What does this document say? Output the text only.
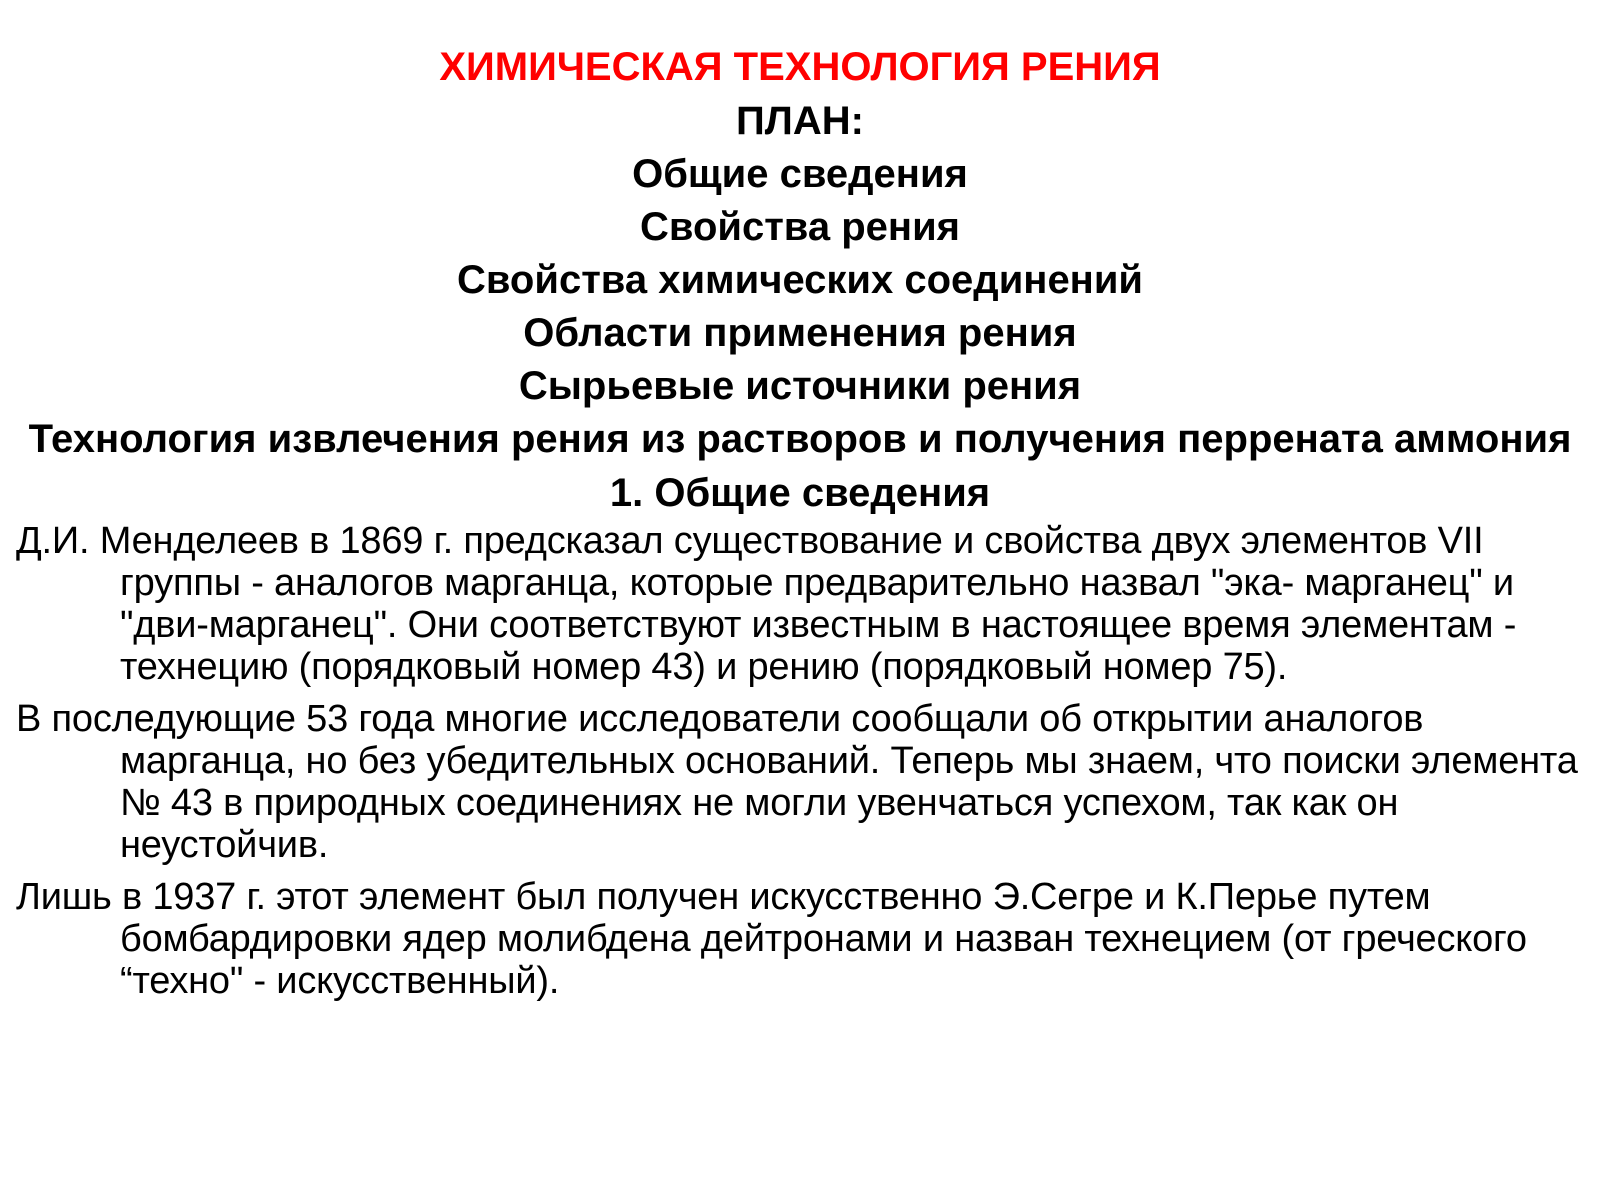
ХИМИЧЕСКАЯ ТЕХНОЛОГИЯ РЕНИЯ
ПЛАН:
Общие сведения
Свойства рения
Свойства химических соединений
Области применения рения
Сырьевые источники рения
Технология извлечения рения из растворов и получения перрената аммония
1. Общие сведения

Д.И. Менделеев в 1869 г. предсказал существование и свойства двух элементов VII группы - аналогов марганца, которые предварительно назвал "эка- марганец" и "дви-марганец". Они соответствуют известным в настоящее время элементам - технецию (порядковый номер 43) и рению (порядковый номер 75).

В последующие 53 года многие исследователи сообщали об открытии аналогов марганца, но без убедительных оснований. Теперь мы знаем, что поиски элемента № 43 в природных соединениях не могли увенчаться успехом, так как он неустойчив.

Лишь в 1937 г. этот элемент был получен искусственно Э.Сегре и К.Перье путем бомбардировки ядер молибдена дейтронами и назван технецием (от греческого “техно" - искусственный).
